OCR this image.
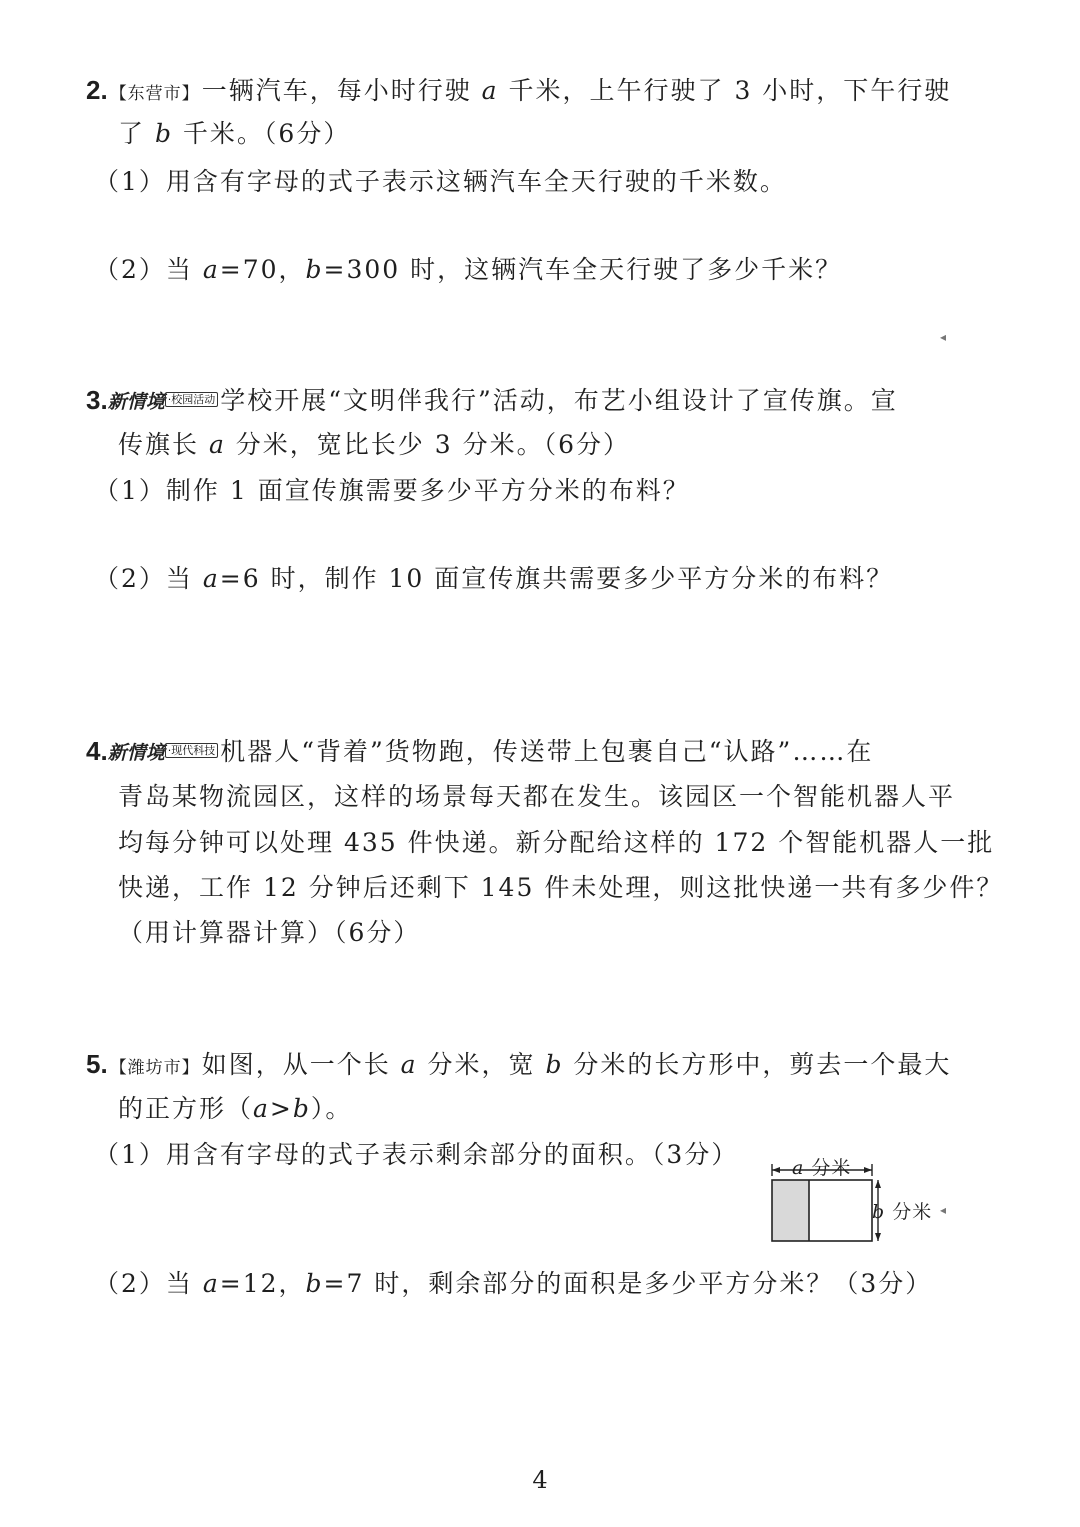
2. 【东营市】一辆汽车，每小时行驶 a 千米，上午行驶了 3 小时，下午行驶
了 b 千米。（6分）
（1）用含有字母的式子表示这辆汽车全天行驶的千米数。
（2）当 a=70，b=300 时，这辆汽车全天行驶了多少千米？
3.新情境 ·校园活动 学校开展“文明伴我行”活动，布艺小组设计了宣传旗。宣
传旗长 a 分米，宽比长少 3 分米。（6分）
（1）制作 1 面宣传旗需要多少平方分米的布料？
（2）当 a=6 时，制作 10 面宣传旗共需要多少平方分米的布料？
4.新情境 ·现代科技 机器人“背着”货物跑，传送带上包裹自己“认路”……在
青岛某物流园区，这样的场景每天都在发生。该园区一个智能机器人平
均每分钟可以处理 435 件快递。新分配给这样的 172 个智能机器人一批
快递，工作 12 分钟后还剩下 145 件未处理，则这批快递一共有多少件？
（用计算器计算）（6分）
5. 【潍坊市】如图，从一个长 a 分米，宽 b 分米的长方形中，剪去一个最大
的正方形（a>b）。
（1）用含有字母的式子表示剩余部分的面积。（3分）
（2）当 a=12，b=7 时，剩余部分的面积是多少平方分米？（3分）
a 分米
b 分米
◂
◂
4
